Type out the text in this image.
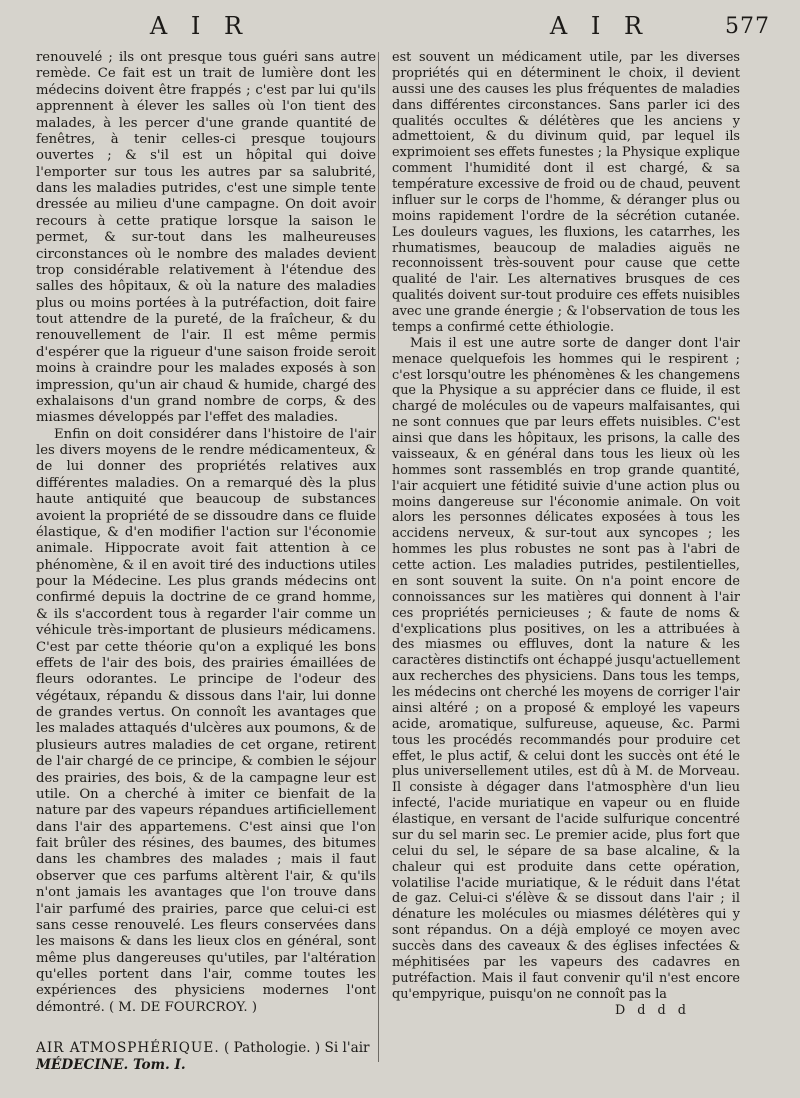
A I R	A I R	577

renouvelé ; ils ont presque tous guéri sans autre remède. Ce fait est un trait de lumière dont les médecins doivent être frappés ; c'est par lui qu'ils apprennent à élever les salles où l'on tient des malades, à les percer d'une grande quantité de fenêtres, à tenir celles-ci presque toujours ouvertes ; & s'il est un hôpital qui doive l'emporter sur tous les autres par sa salubrité, dans les maladies putrides, c'est une simple tente dressée au milieu d'une campagne. On doit avoir recours à cette pratique lorsque la saison le permet, & sur-tout dans les malheureuses circonstances où le nombre des malades devient trop considérable relativement à l'étendue des salles des hôpitaux, & où la nature des maladies plus ou moins portées à la putréfaction, doit faire tout attendre de la pureté, de la fraîcheur, & du renouvellement de l'air. Il est même permis d'espérer que la rigueur d'une saison froide seroit moins à craindre pour les malades exposés à son impression, qu'un air chaud & humide, chargé des exhalaisons d'un grand nombre de corps, & des miasmes développés par l'effet des maladies.

Enfin on doit considérer dans l'histoire de l'air les divers moyens de le rendre médicamenteux, & de lui donner des propriétés relatives aux différentes maladies. On a remarqué dès la plus haute antiquité que beaucoup de substances avoient la propriété de se dissoudre dans ce fluide élastique, & d'en modifier l'action sur l'économie animale. Hippocrate avoit fait attention à ce phénomène, & il en avoit tiré des inductions utiles pour la Médecine. Les plus grands médecins ont confirmé depuis la doctrine de ce grand homme, & ils s'accordent tous à regarder l'air comme un véhicule très-important de plusieurs médicamens. C'est par cette théorie qu'on a expliqué les bons effets de l'air des bois, des prairies émaillées de fleurs odorantes. Le principe de l'odeur des végétaux, répandu & dissous dans l'air, lui donne de grandes vertus. On connoît les avantages que les malades attaqués d'ulcères aux poumons, & de plusieurs autres maladies de cet organe, retirent de l'air chargé de ce principe, & combien le séjour des prairies, des bois, & de la campagne leur est utile. On a cherché à imiter ce bienfait de la nature par des vapeurs répandues artificiellement dans l'air des appartemens. C'est ainsi que l'on fait brûler des résines, des baumes, des bitumes dans les chambres des malades ; mais il faut observer que ces parfums altèrent l'air, & qu'ils n'ont jamais les avantages que l'on trouve dans l'air parfumé des prairies, parce que celui-ci est sans cesse renouvelé. Les fleurs conservées dans les maisons & dans les lieux clos en général, sont même plus dangereuses qu'utiles, par l'altération qu'elles portent dans l'air, comme toutes les expériences des physiciens modernes l'ont démontré. ( M. DE FOURCROY. )

est souvent un médicament utile, par les diverses propriétés qui en déterminent le choix, il devient aussi une des causes les plus fréquentes de maladies dans différentes circonstances. Sans parler ici des qualités occultes & délétères que les anciens y admettoient, & du divinum quid, par lequel ils exprimoient ses effets funestes ; la Physique explique comment l'humidité dont il est chargé, & sa température excessive de froid ou de chaud, peuvent influer sur le corps de l'homme, & déranger plus ou moins rapidement l'ordre de la sécrétion cutanée. Les douleurs vagues, les fluxions, les catarrhes, les rhumatismes, beaucoup de maladies aiguës ne reconnoissent très-souvent pour cause que cette qualité de l'air. Les alternatives brusques de ces qualités doivent sur-tout produire ces effets nuisibles avec une grande énergie ; & l'observation de tous les temps a confirmé cette éthiologie.

Mais il est une autre sorte de danger dont l'air menace quelquefois les hommes qui le respirent ; c'est lorsqu'outre les phénomènes & les changemens que la Physique a su apprécier dans ce fluide, il est chargé de molécules ou de vapeurs malfaisantes, qui ne sont connues que par leurs effets nuisibles. C'est ainsi que dans les hôpitaux, les prisons, la calle des vaisseaux, & en général dans tous les lieux où les hommes sont rassemblés en trop grande quantité, l'air acquiert une fétidité suivie d'une action plus ou moins dangereuse sur l'économie animale. On voit alors les personnes délicates exposées à tous les accidens nerveux, & sur-tout aux syncopes ; les hommes les plus robustes ne sont pas à l'abri de cette action. Les maladies putrides, pestilentielles, en sont souvent la suite. On n'a point encore de connoissances sur les matières qui donnent à l'air ces propriétés pernicieuses ; & faute de noms & d'explications plus positives, on les a attribuées à des miasmes ou effluves, dont la nature & les caractères distinctifs ont échappé jusqu'actuellement aux recherches des physiciens. Dans tous les temps, les médecins ont cherché les moyens de corriger l'air ainsi altéré ; on a proposé & employé les vapeurs acide, aromatique, sulfureuse, aqueuse, &c. Parmi tous les procédés recommandés pour produire cet effet, le plus actif, & celui dont les succès ont été le plus universellement utiles, est dû à M. de Morveau. Il consiste à dégager dans l'atmosphère d'un lieu infecté, l'acide muriatique en vapeur ou en fluide élastique, en versant de l'acide sulfurique concentré sur du sel marin sec. Le premier acide, plus fort que celui du sel, le sépare de sa base alcaline, & la chaleur qui est produite dans cette opération, volatilise l'acide muriatique, & le réduit dans l'état de gaz. Celui-ci s'élève & se dissout dans l'air ; il dénature les molécules ou miasmes délétères qui y sont répandus. On a déjà employé ce moyen avec succès dans des caveaux & des églises infectées & méphitisées par les vapeurs des cadavres en putréfaction. Mais il faut convenir qu'il n'est encore qu'empyrique, puisqu'on ne connoît pas la

D d d d
AIR ATMOSPHÉRIQUE. ( Pathologie. ) Si l'air
MÉDECINE. Tom. I.
